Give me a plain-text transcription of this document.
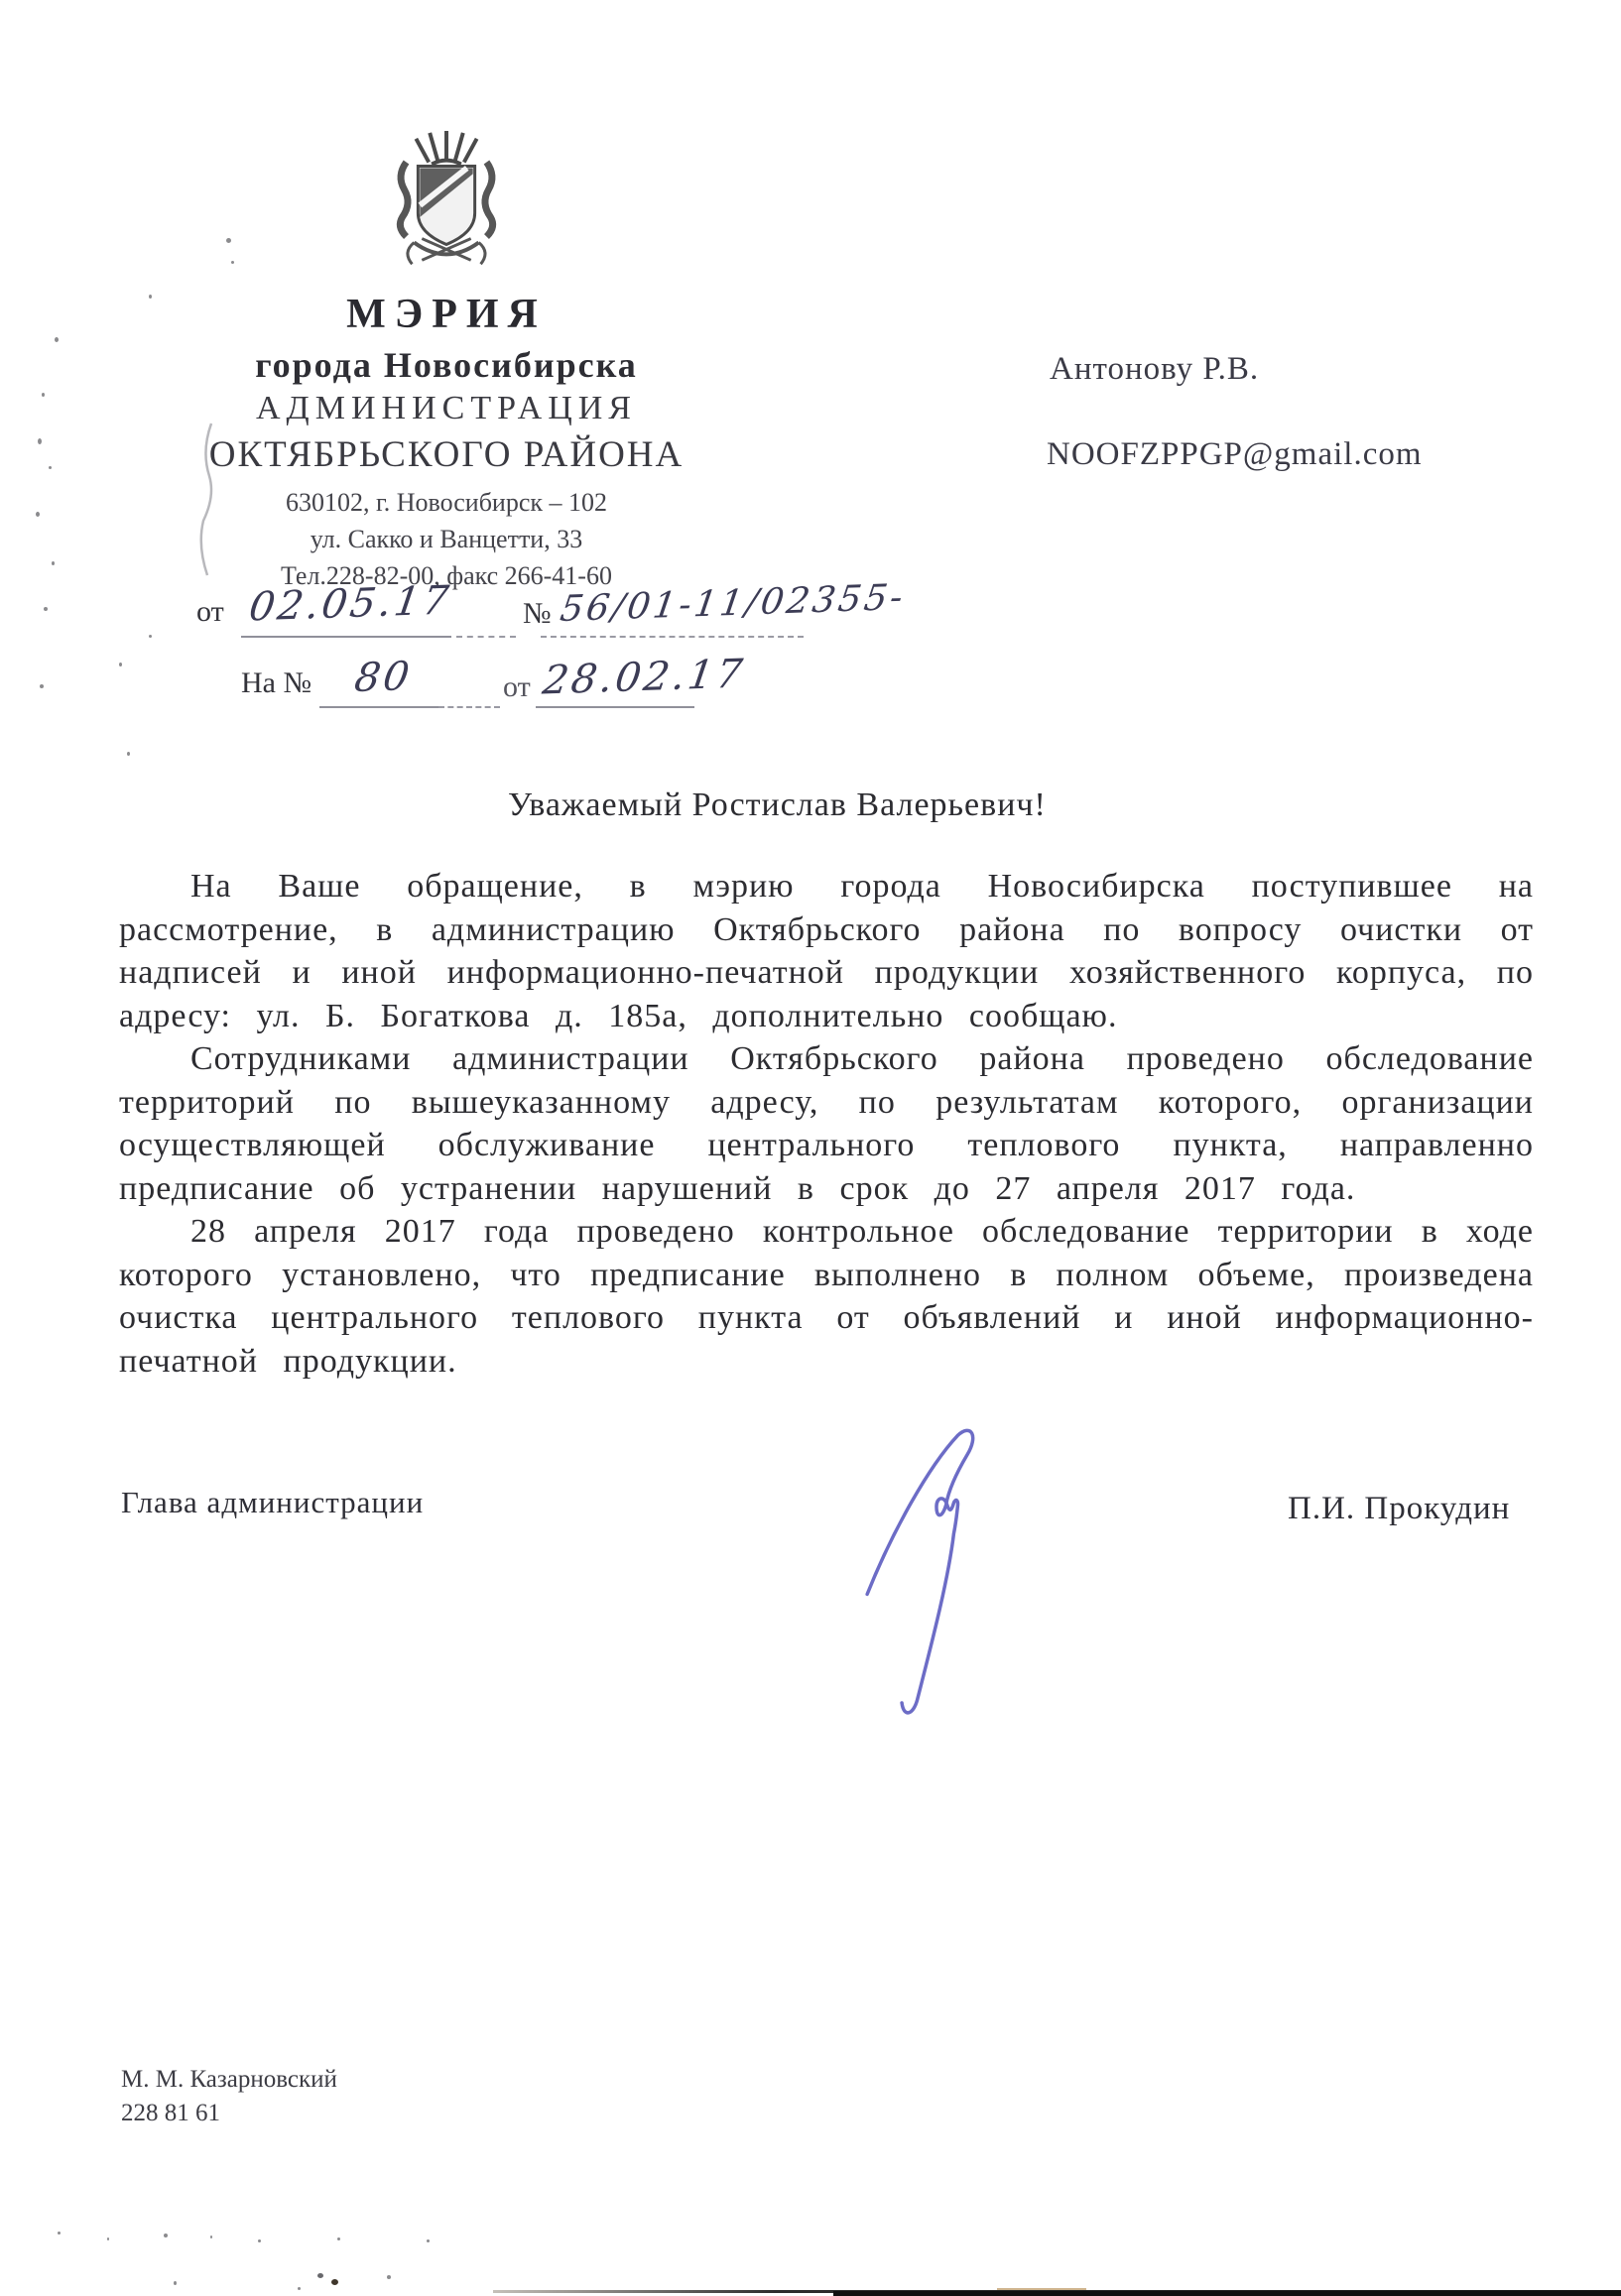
МЭРИЯ
города Новосибирска
АДМИНИСТРАЦИЯ
ОКТЯБРЬСКОГО РАЙОНА
630102, г. Новосибирск – 102
ул. Сакко и Ванцетти, 33
Тел.228-82-00, факс 266-41-60
от 02.05.17 № 56/01-11/02355-
На № 80	от 28.02.17
Антонову Р.В.
NOOFZPPGP@gmail.com
Уважаемый Ростислав Валерьевич!

На Ваше обращение, в мэрию города Новосибирска поступившее на рассмотрение, в администрацию Октябрьского района по вопросу очистки от надписей и иной информационно-печатной продукции хозяйственного корпуса, по адресу: ул. Б. Богаткова д. 185а, дополнительно сообщаю.

Сотрудниками администрации Октябрьского района проведено обследование территорий по вышеуказанному адресу, по результатам которого, организации осуществляющей обслуживание центрального теплового пункта, направленно предписание об устранении нарушений в срок до 27 апреля 2017 года.

28 апреля 2017 года проведено контрольное обследование территории в ходе которого установлено, что предписание выполнено в полном объеме, произведена очистка центрального теплового пункта от объявлений и иной информационно-печатной продукции.

Глава администрации	П.И. Прокудин
М. М. Казарновский
228 81 61
